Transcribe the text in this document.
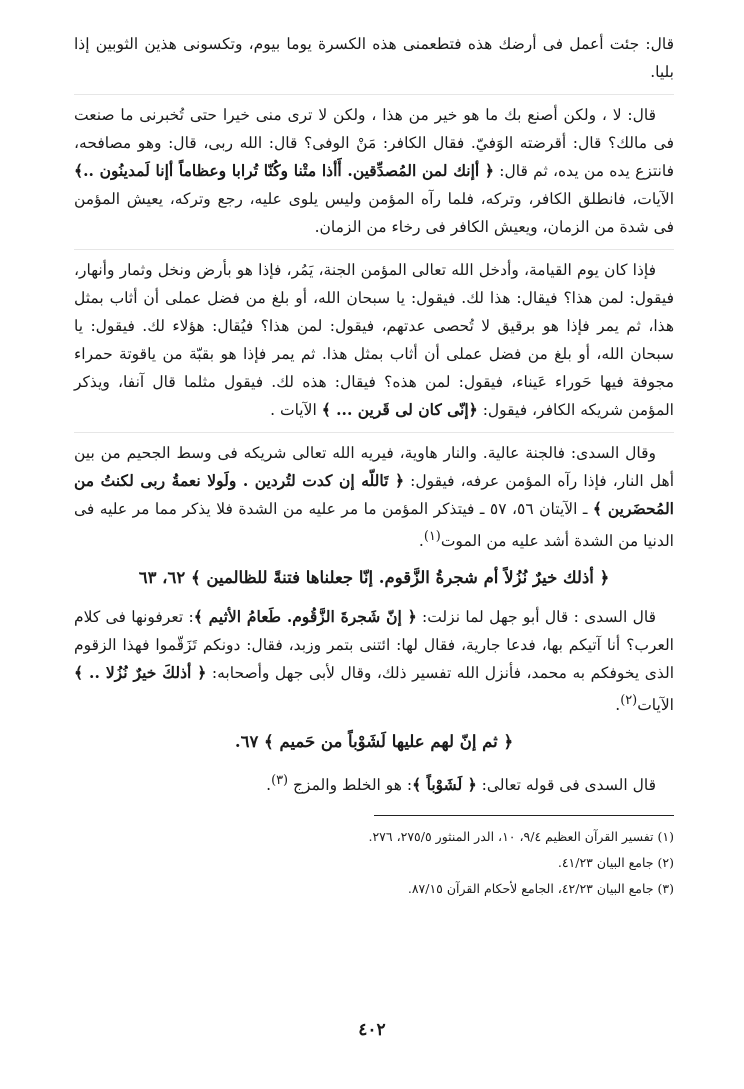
قال: جئت أعمل فى أرضك هذه فتطعمنى هذه الكسرة يوما بيوم، وتكسونى هذين الثوبين إذا بليا.

قال: لا ، ولكن أصنع بك ما هو خير من هذا ، ولكن لا ترى منى خيرا حتى تُخبرنى ما صنعت فى مالك؟ قال: أقرضته الوَفيّ. فقال الكافر: مَنْ الوفى؟ قال: الله ربى، قال: وهو مصافحه، فانتزع يده من يده، ثم قال: ﴿ أإنك لمن المُصدِّقين. أَأذا متْنا وكُنّا تُرابا وعظاماً أإنا لَمدينُون ..﴾ الآيات، فانطلق الكافر، وتركه، فلما رآه المؤمن وليس يلوى عليه، رجع وتركه، يعيش المؤمن فى شدة من الزمان، ويعيش الكافر فى رخاء من الزمان.

فإذا كان يوم القيامة، وأدخل الله تعالى المؤمن الجنة، يَمُر، فإذا هو بأرض ونخل وثمار وأنهار، فيقول: لمن هذا؟ فيقال: هذا لك. فيقول: يا سبحان الله، أو بلغ من فضل عملى أن أثاب بمثل هذا، ثم يمر فإذا هو برقيق لا تُحصى عدتهم، فيقول: لمن هذا؟ فيُقال: هؤلاء لك. فيقول: يا سبحان الله، أو بلغ من فضل عملى أن أثاب بمثل هذا. ثم يمر فإذا هو بقبّة من ياقوتة حمراء مجوفة فيها حَوراء عَيناء، فيقول: لمن هذه؟ فيقال: هذه لك. فيقول مثلما قال آنفا، ويذكر المؤمن شريكه الكافر، فيقول: ﴿إنّى كان لى قَرين ... ﴾ الآيات .

وقال السدى: فالجنة عالية. والنار هاوية، فيريه الله تعالى شريكه فى وسط الجحيم من بين أهل النار، فإذا رآه المؤمن عرفه، فيقول: ﴿ تَاللّه إن كدت لتُردين . ولَولا نعمةُ ربى لكنتُ من المُحضَرين ﴾ ـ الآيتان ٥٦، ٥٧ ـ فيتذكر المؤمن ما مر عليه من الشدة فلا يذكر مما مر عليه فى الدنيا من الشدة أشد عليه من الموت$^{(١)}$.

﴿ أذلك خيرٌ نُزُلاً أم شجرةُ الزَّقوم. إنّا جعلناها فتنةً للظالمين ﴾ ٦٢، ٦٣

قال السدى : قال أبو جهل لما نزلت: ﴿ إنّ شَجرةَ الزَّقُوم. طَعامُ الأثيم ﴾: تعرفونها فى كلام العرب؟ أنا آتيكم بها، فدعا جارية، فقال لها: ائتنى بتمر وزبد، فقال: دونكم تَزَقّموا فهذا الزقوم الذى يخوفكم به محمد، فأنزل الله تفسير ذلك، وقال لأبى جهل وأصحابه: ﴿ أذلكَ خيرٌ نُزُلا .. ﴾ الآيات$^{(٢)}$.

﴿ ثم إنّ لهم عليها لَشَوْباً من حَميم ﴾ ٦٧.

قال السدى فى قوله تعالى: ﴿ لَشَوْباً ﴾: هو الخلط والمزج $^{(٣)}$.

(١) تفسير القرآن العظيم ٩/٤، ١٠، الدر المنثور ٢٧٥/٥، ٢٧٦.

(٢) جامع البيان ٤١/٢٣.

(٣) جامع البيان ٤٢/٢٣، الجامع لأحكام القرآن ٨٧/١٥.

٤٠٢
